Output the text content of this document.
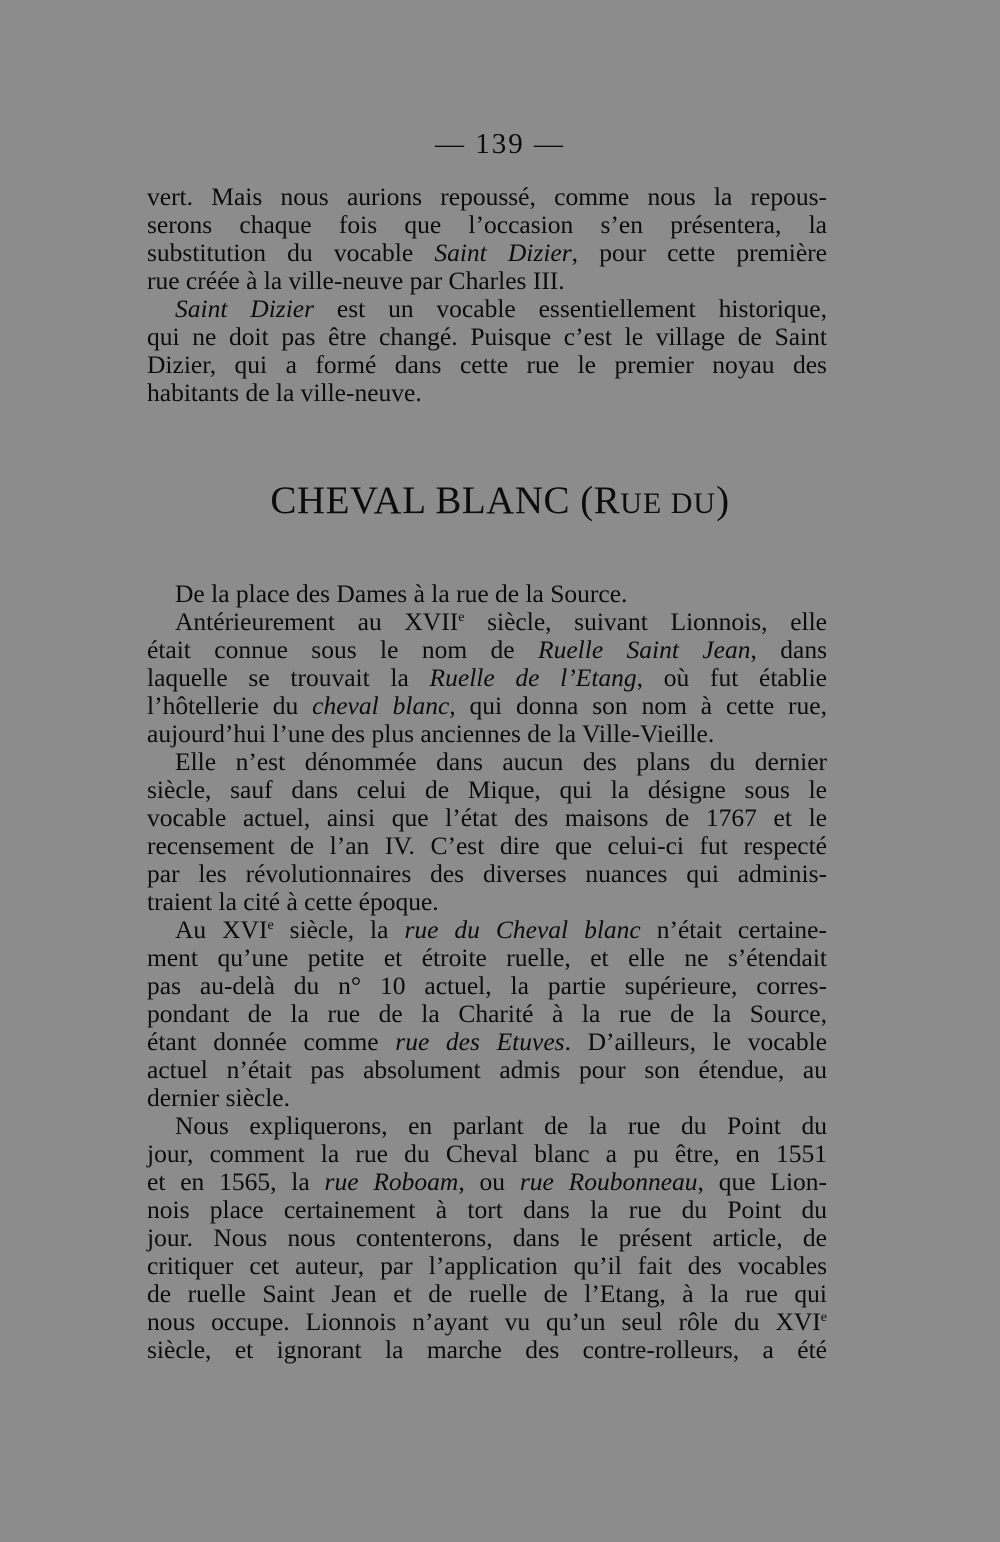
— 139 —
vert. Mais nous aurions repoussé, comme nous la repous-
serons chaque fois que l’occasion s’en présentera, la
substitution du vocable Saint Dizier, pour cette première
rue créée à la ville-neuve par Charles III.
Saint Dizier est un vocable essentiellement historique,
qui ne doit pas être changé. Puisque c’est le village de Saint
Dizier, qui a formé dans cette rue le premier noyau des
habitants de la ville-neuve.
CHEVAL BLANC (RUE DU)
De la place des Dames à la rue de la Source.
Antérieurement au XVIIe siècle, suivant Lionnois, elle
était connue sous le nom de Ruelle Saint Jean, dans
laquelle se trouvait la Ruelle de l’Etang, où fut établie
l’hôtellerie du cheval blanc, qui donna son nom à cette rue,
aujourd’hui l’une des plus anciennes de la Ville-Vieille.
Elle n’est dénommée dans aucun des plans du dernier
siècle, sauf dans celui de Mique, qui la désigne sous le
vocable actuel, ainsi que l’état des maisons de 1767 et le
recensement de l’an IV. C’est dire que celui-ci fut respecté
par les révolutionnaires des diverses nuances qui adminis-
traient la cité à cette époque.
Au XVIe siècle, la rue du Cheval blanc n’était certaine-
ment qu’une petite et étroite ruelle, et elle ne s’étendait
pas au-delà du n° 10 actuel, la partie supérieure, corres-
pondant de la rue de la Charité à la rue de la Source,
étant donnée comme rue des Etuves. D’ailleurs, le vocable
actuel n’était pas absolument admis pour son étendue, au
dernier siècle.
Nous expliquerons, en parlant de la rue du Point du
jour, comment la rue du Cheval blanc a pu être, en 1551
et en 1565, la rue Roboam, ou rue Roubonneau, que Lion-
nois place certainement à tort dans la rue du Point du
jour. Nous nous contenterons, dans le présent article, de
critiquer cet auteur, par l’application qu’il fait des vocables
de ruelle Saint Jean et de ruelle de l’Etang, à la rue qui
nous occupe. Lionnois n’ayant vu qu’un seul rôle du XVIe
siècle, et ignorant la marche des contre-rolleurs, a été
